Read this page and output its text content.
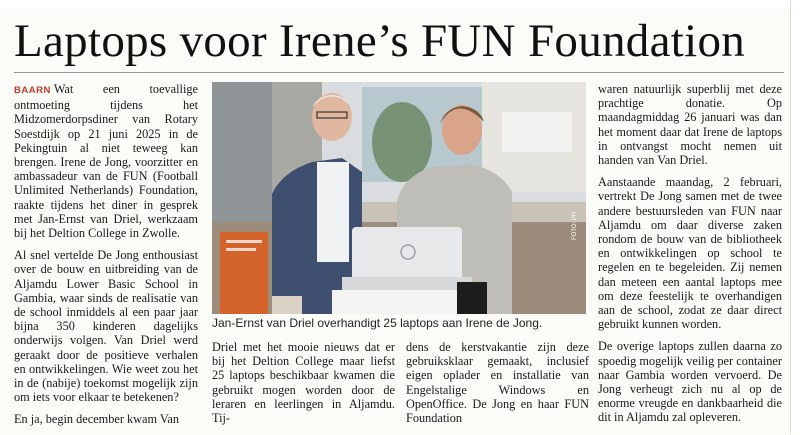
Laptops voor Irene’s FUN Foundation

BAARN Wat een toevallige ontmoeting tijdens het Midzomerdorpsdiner van Rotary Soestdijk op 21 juni 2025 in de Pekingtuin al niet teweeg kan brengen. Irene de Jong, voorzitter en ambassadeur van de FUN (Football Unlimited Netherlands) Foundation, raakte tijdens het diner in gesprek met Jan-Ernst van Driel, werkzaam bij het Deltion College in Zwolle.

Al snel vertelde De Jong enthousiast over de bouw en uitbreiding van de Aljamdu Lower Basic School in Gambia, waar sinds de realisatie van de school inmiddels al een paar jaar bijna 350 kinderen dagelijks onderwijs volgen. Van Driel werd geraakt door de positieve verhalen en ontwikkelingen. Wie weet zou het in de (nabije) toekomst mogelijk zijn om iets voor elkaar te betekenen?

En ja, begin december kwam Van

FOTO: PR
Jan-Ernst van Driel overhandigt 25 laptops aan Irene de Jong.

Driel met het mooie nieuws dat er bij het Deltion College maar liefst 25 laptops beschikbaar kwamen die gebruikt mogen worden door de leraren en leerlingen in Aljamdu. Tij-

dens de kerstvakantie zijn deze gebruiksklaar gemaakt, inclusief eigen oplader en installatie van Engelstalige Windows en OpenOffice. De Jong en haar FUN Foundation

waren natuurlijk superblij met deze prachtige donatie. Op maandagmiddag 26 januari was dan het moment daar dat Irene de laptops in ontvangst mocht nemen uit handen van Van Driel.

Aanstaande maandag, 2 februari, vertrekt De Jong samen met de twee andere bestuursleden van FUN naar Aljamdu om daar diverse zaken rondom de bouw van de bibliotheek en ontwikkelingen op school te regelen en te begeleiden. Zij nemen dan meteen een aantal laptops mee om deze feestelijk te overhandigen aan de school, zodat ze daar direct gebruikt kunnen worden.

De overige laptops zullen daarna zo spoedig mogelijk veilig per container naar Gambia worden vervoerd. De Jong verheugt zich nu al op de enorme vreugde en dankbaarheid die dit in Aljamdu zal opleveren.
